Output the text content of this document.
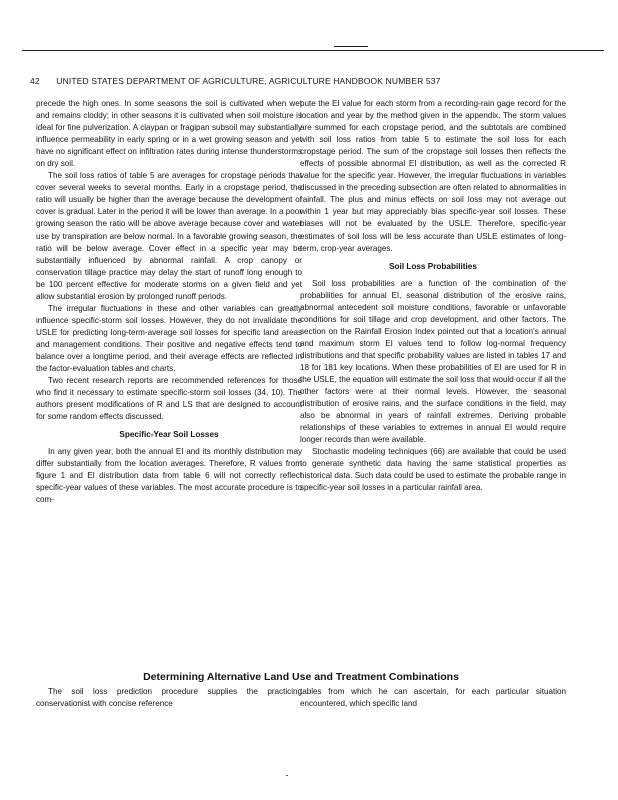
42 UNITED STATES DEPARTMENT OF AGRICULTURE, AGRICULTURE HANDBOOK NUMBER 537

precede the high ones. In some seasons the soil is cultivated when wet and remains cloddy; in other seasons it is cultivated when soil moisture is ideal for fine pulverization. A claypan or fragipan subsoil may substantially influence permeability in early spring or in a wet growing season and yet have no significant effect on infiltration rates during intense thunderstorms on dry soil.

The soil loss ratios of table 5 are averages for cropstage periods that cover several weeks to several months. Early in a cropstage period, the ratio will usually be higher than the average because the development of cover is gradual. Later in the period it will be lower than average. In a poor growing season the ratio will be above average because cover and water use by transpiration are below normal. In a favorable growing season, the ratio will be below average. Cover effect in a specific year may be substantially influenced by abnormal rainfall. A crop canopy or conservation tillage practice may delay the start of runoff long enough to be 100 percent effective for moderate storms on a given field and yet allow substantial erosion by prolonged runoff periods.

The irregular fluctuations in these and other variables can greatly influence specific-storm soil losses. However, they do not invalidate the USLE for predicting long-term-average soil losses for specific land areas and management conditions. Their positive and negative effects tend to balance over a longtime period, and their average effects are reflected in the factor-evaluation tables and charts.

Two recent research reports are recommended references for those who find it necessary to estimate specific-storm soil losses (34, 10). The authors present modifications of R and LS that are designed to account for some random effects discussed.

Specific-Year Soil Losses

In any given year, both the annual EI and its monthly distribution may differ substantially from the location averages. Therefore, R values from figure 1 and EI distribution data from table 6 will not correctly reflect specific-year values of these variables. The most accurate procedure is to com-

pute the EI value for each storm from a recording-rain gage record for the location and year by the method given in the appendix. The storm values are summed for each cropstage period, and the subtotals are combined with soil loss ratios from table 5 to estimate the soil loss for each cropstage period. The sum of the cropstage soil losses then reflects the effects of possible abnormal EI distribution, as well as the corrected R value for the specific year. However, the irregular fluctuations in variables discussed in the preceding subsection are often related to abnormalities in rainfall. The plus and minus effects on soil loss may not average out within 1 year but may appreciably bias specific-year soil losses. These biases will not be evaluated by the USLE. Therefore, specific-year estimates of soil loss will be less accurate than USLE estimates of long-term, crop-year averages.

Soil Loss Probabilities

Soil loss probabilities are a function of the combination of the probabilities for annual EI, seasonal distribution of the erosive rains, abnormal antecedent soil moisture conditions, favorable or unfavorable conditions for soil tillage and crop development, and other factors. The section on the Rainfall Erosion Index pointed out that a location's annual and maximum storm EI values tend to follow log-normal frequency distributions and that specific probability values are listed in tables 17 and 18 for 181 key locations. When these probabilities of EI are used for R in the USLE, the equation will estimate the soil loss that would occur if all the other factors were at their normal levels. However, the seasonal distribution of erosive rains, and the surface conditions in the field, may also be abnormal in years of rainfall extremes. Deriving probable relationships of these variables to extremes in annual EI would require longer records than were available.

Stochastic modeling techniques (66) are available that could be used to generate synthetic data having the same statistical properties as historical data. Such data could be used to estimate the probable range in specific-year soil losses in a particular rainfall area.

Determining Alternative Land Use and Treatment Combinations

The soil loss prediction procedure supplies the practicing conservationist with concise reference

tables from which he can ascertain, for each particular situation encountered, which specific land
